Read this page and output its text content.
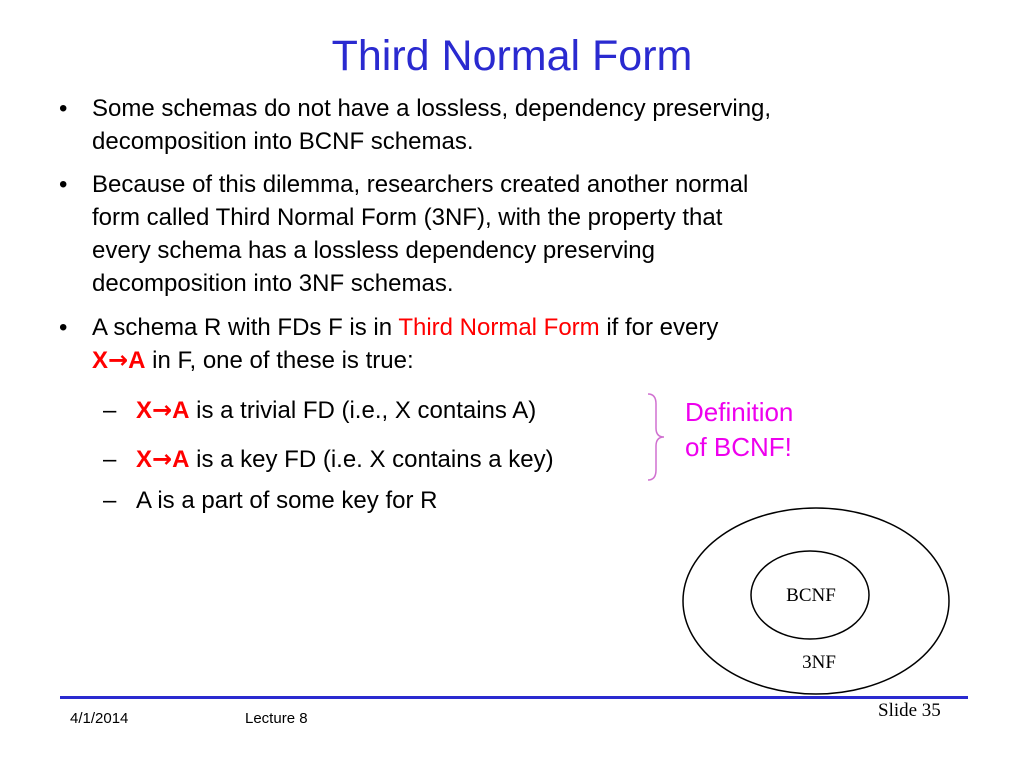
Third Normal Form
• Some schemas do not have a lossless, dependency preserving,
decomposition into BCNF schemas.
• Because of this dilemma, researchers created another normal
form called Third Normal Form (3NF), with the property that
every schema has a lossless dependency preserving
decomposition into 3NF schemas.
• A schema R with FDs F is in Third Normal Form if for every
X→A in F, one of these is true:
– X→A is a trivial FD (i.e., X contains A)
– X→A is a key FD (i.e. X contains a key)
– A is a part of some key for R
Definition
of BCNF!
BCNF
3NF
4/1/2014	Lecture 8	Slide 35
